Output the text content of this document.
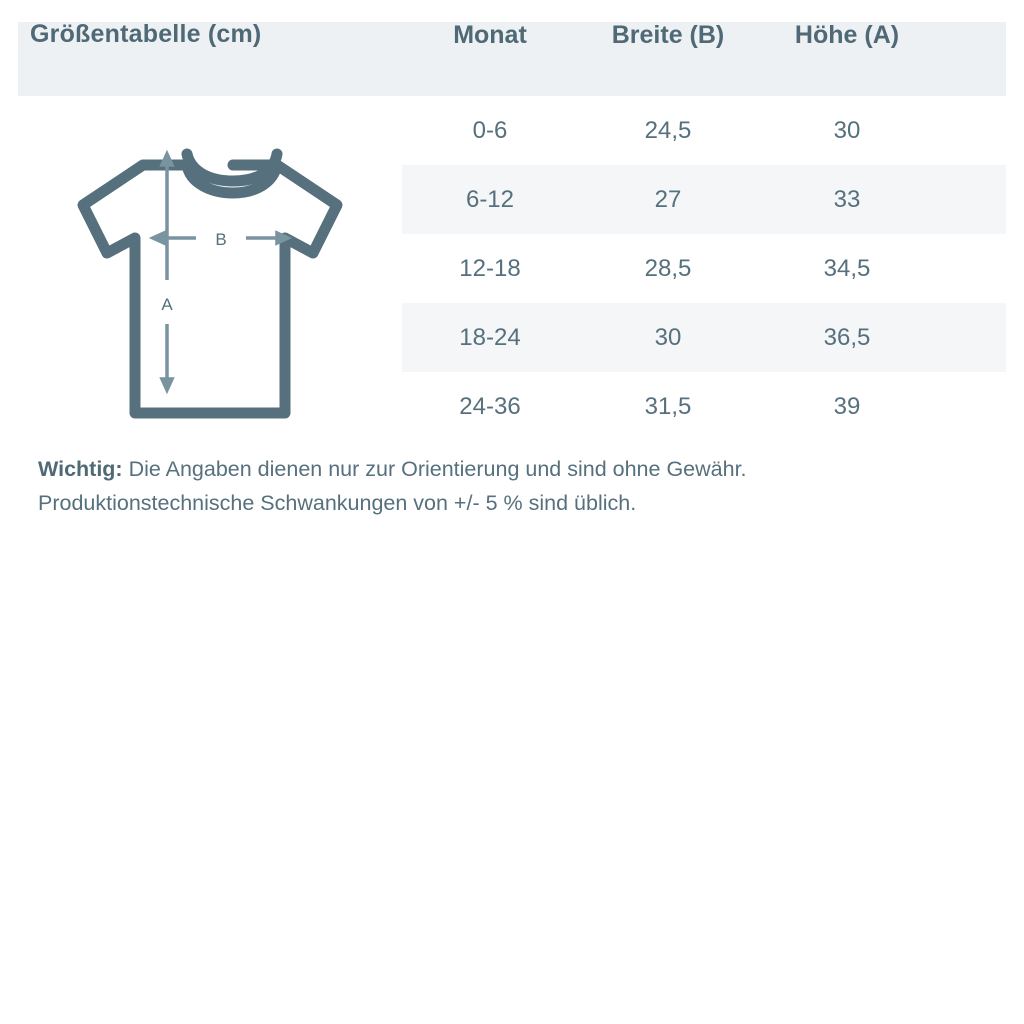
Größentabelle (cm)	Monat	Breite (B)	Höhe (A)
0-6	24,5	30
6-12	27	33
12-18	28,5	34,5
18-24	30	36,5
24-36	31,5	39
B
A
Wichtig: Die Angaben dienen nur zur Orientierung und sind ohne Gewähr.
Produktionstechnische Schwankungen von +/- 5 % sind üblich.
